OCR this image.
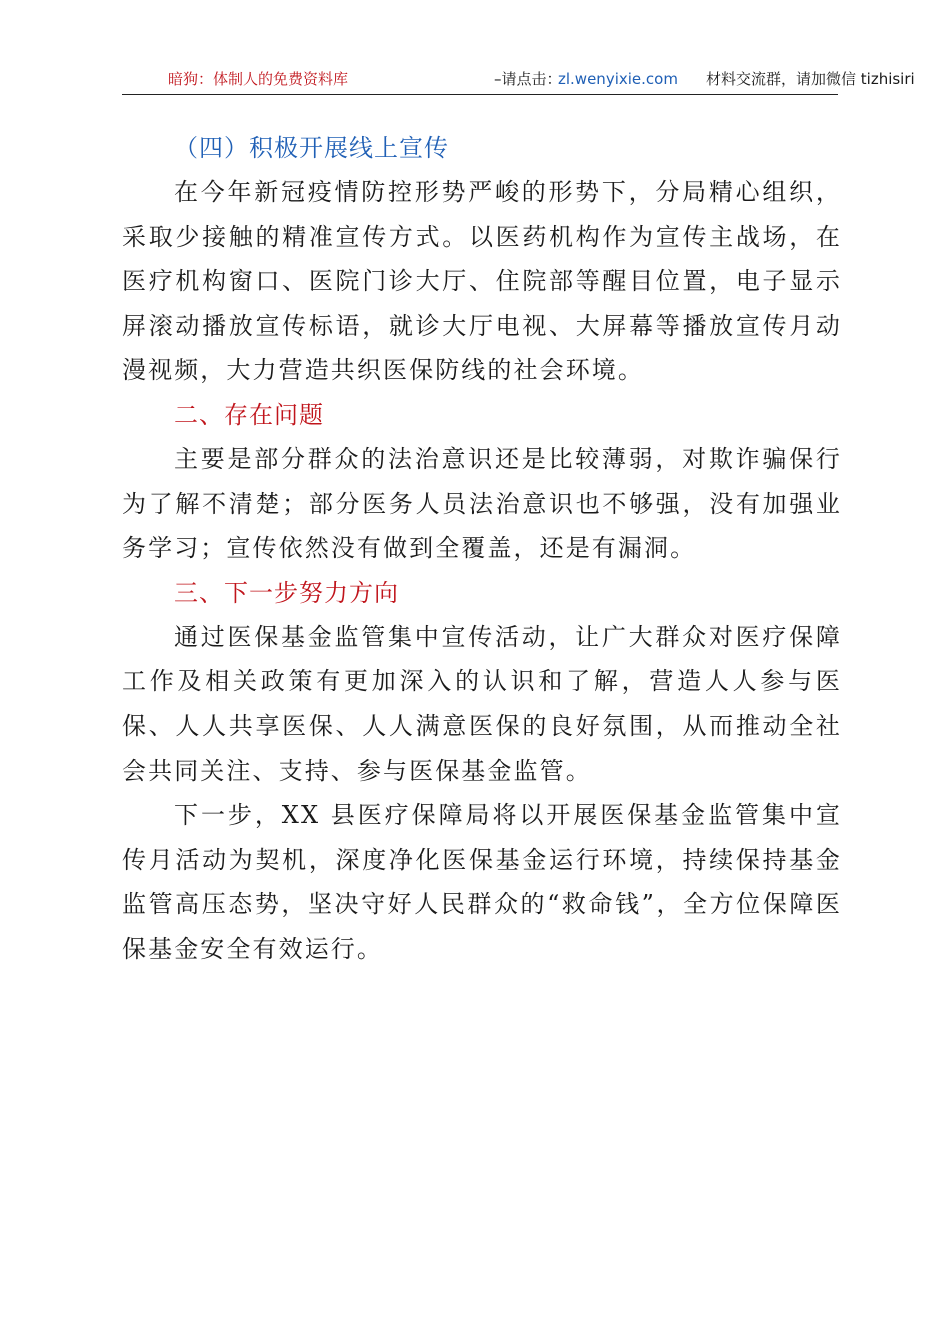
暗狗：体制人的免费资料库	–请点击：
zl.wenyixie.com 材料交流群，请加微信 tizhisiri
（四）积极开展线上宣传

在今年新冠疫情防控形势严峻的形势下，分局精心组织，采取少接触的精准宣传方式。以医药机构作为宣传主战场，在医疗机构窗口、医院门诊大厅、住院部等醒目位置，电子显示屏滚动播放宣传标语，就诊大厅电视、大屏幕等播放宣传月动漫视频，大力营造共织医保防线的社会环境。

二、存在问题

主要是部分群众的法治意识还是比较薄弱，对欺诈骗保行为了解不清楚；部分医务人员法治意识也不够强，没有加强业务学习；宣传依然没有做到全覆盖，还是有漏洞。

三、下一步努力方向

通过医保基金监管集中宣传活动，让广大群众对医疗保障工作及相关政策有更加深入的认识和了解，营造人人参与医保、人人共享医保、人人满意医保的良好氛围，从而推动全社会共同关注、支持、参与医保基金监管。

下一步，XX 县医疗保障局将以开展医保基金监管集中宣传月活动为契机，深度净化医保基金运行环境，持续保持基金监管高压态势，坚决守好人民群众的“救命钱”，全方位保障医保基金安全有效运行。
